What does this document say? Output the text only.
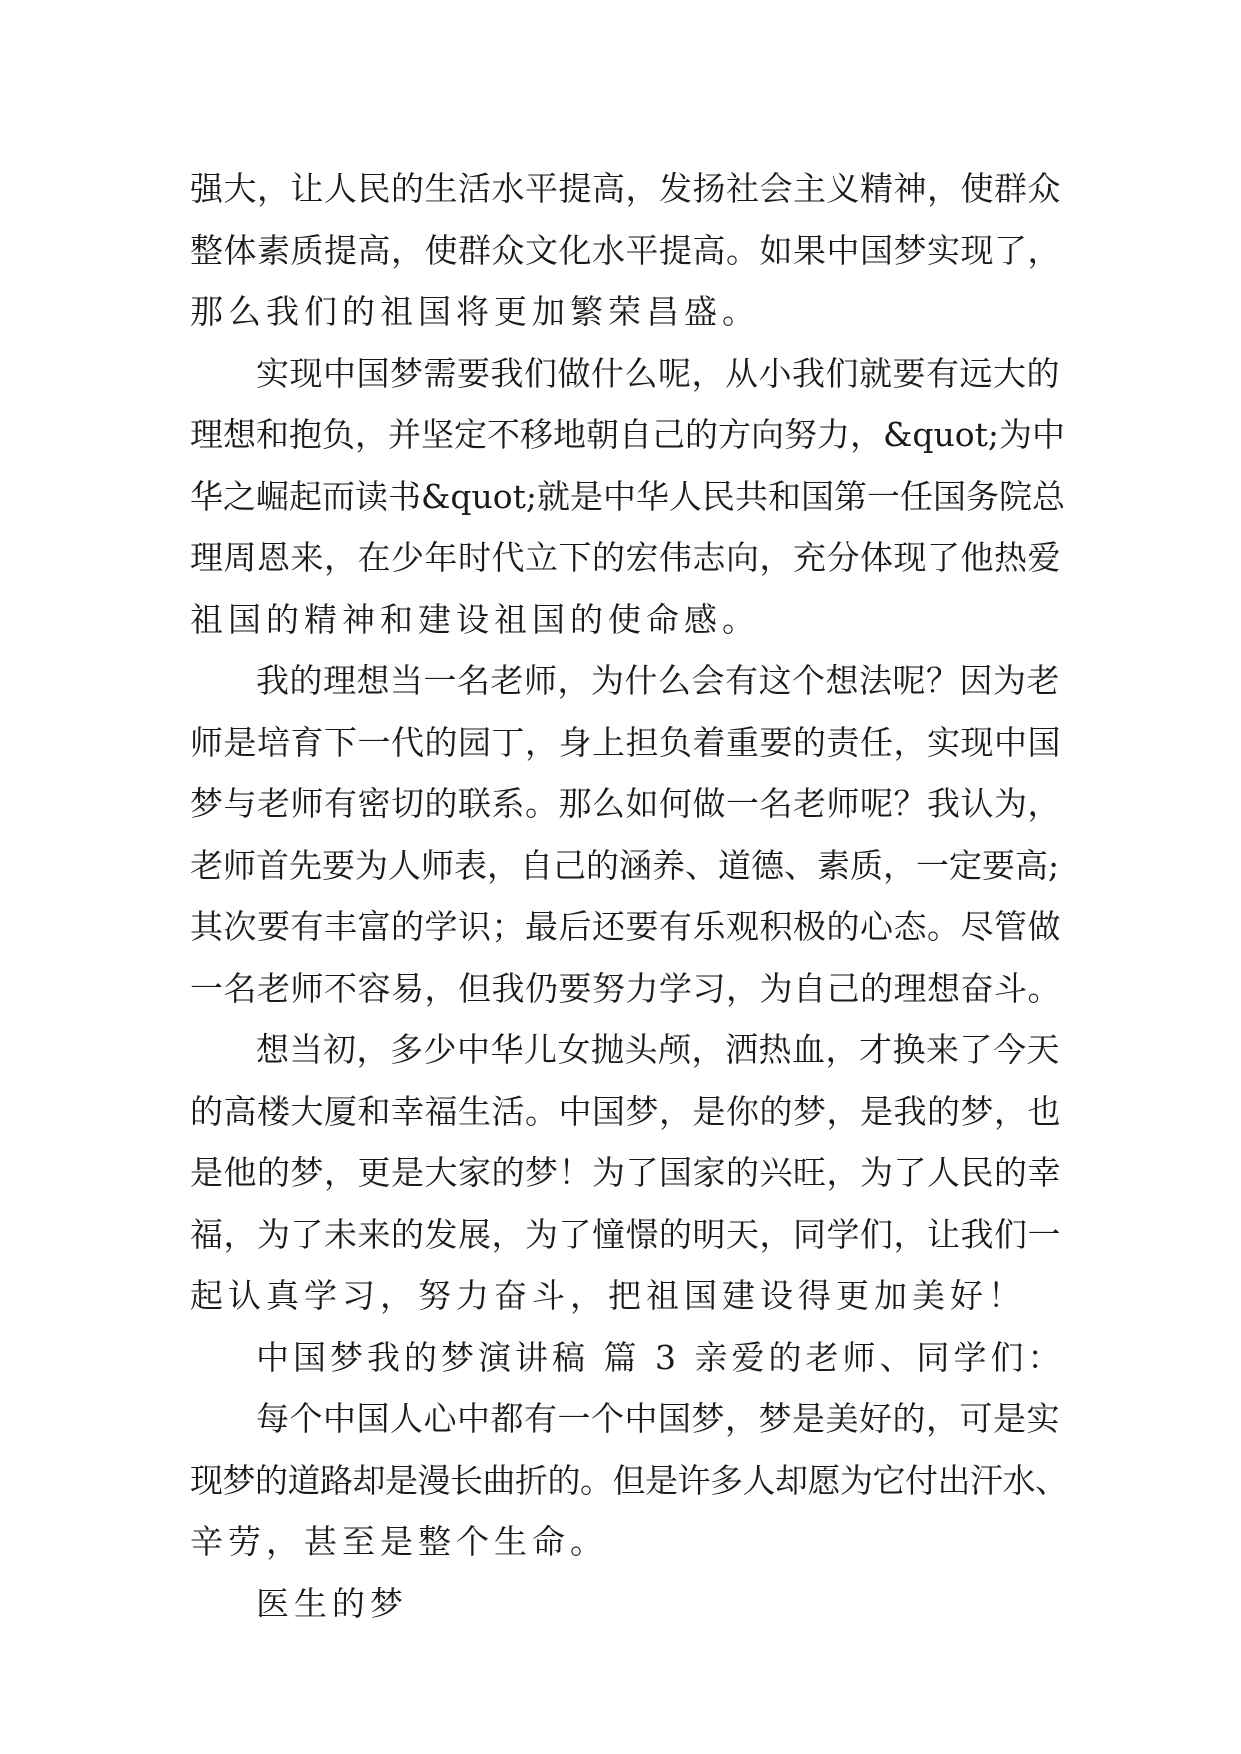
强大，让人民的生活水平提高，发扬社会主义精神，使群众
整体素质提高，使群众文化水平提高。如果中国梦实现了，
那么我们的祖国将更加繁荣昌盛。
实现中国梦需要我们做什么呢，从小我们就要有远大的
理想和抱负，并坚定不移地朝自己的方向努力，&quot;为中
华之崛起而读书&quot;就是中华人民共和国第一任国务院总
理周恩来，在少年时代立下的宏伟志向，充分体现了他热爱
祖国的精神和建设祖国的使命感。
我的理想当一名老师，为什么会有这个想法呢？因为老
师是培育下一代的园丁，身上担负着重要的责任，实现中国
梦与老师有密切的联系。那么如何做一名老师呢？我认为，
老师首先要为人师表，自己的涵养、道德、素质，一定要高;
其次要有丰富的学识；最后还要有乐观积极的心态。尽管做
一名老师不容易，但我仍要努力学习，为自己的理想奋斗。
想当初，多少中华儿女抛头颅，洒热血，才换来了今天
的高楼大厦和幸福生活。中国梦，是你的梦，是我的梦，也
是他的梦，更是大家的梦！为了国家的兴旺，为了人民的幸
福，为了未来的发展，为了憧憬的明天，同学们，让我们一
起认真学习，努力奋斗，把祖国建设得更加美好！
中国梦我的梦演讲稿 篇 3 亲爱的老师、同学们：
每个中国人心中都有一个中国梦，梦是美好的，可是实
现梦的道路却是漫长曲折的。但是许多人却愿为它付出汗水、
辛劳，甚至是整个生命。
医生的梦
